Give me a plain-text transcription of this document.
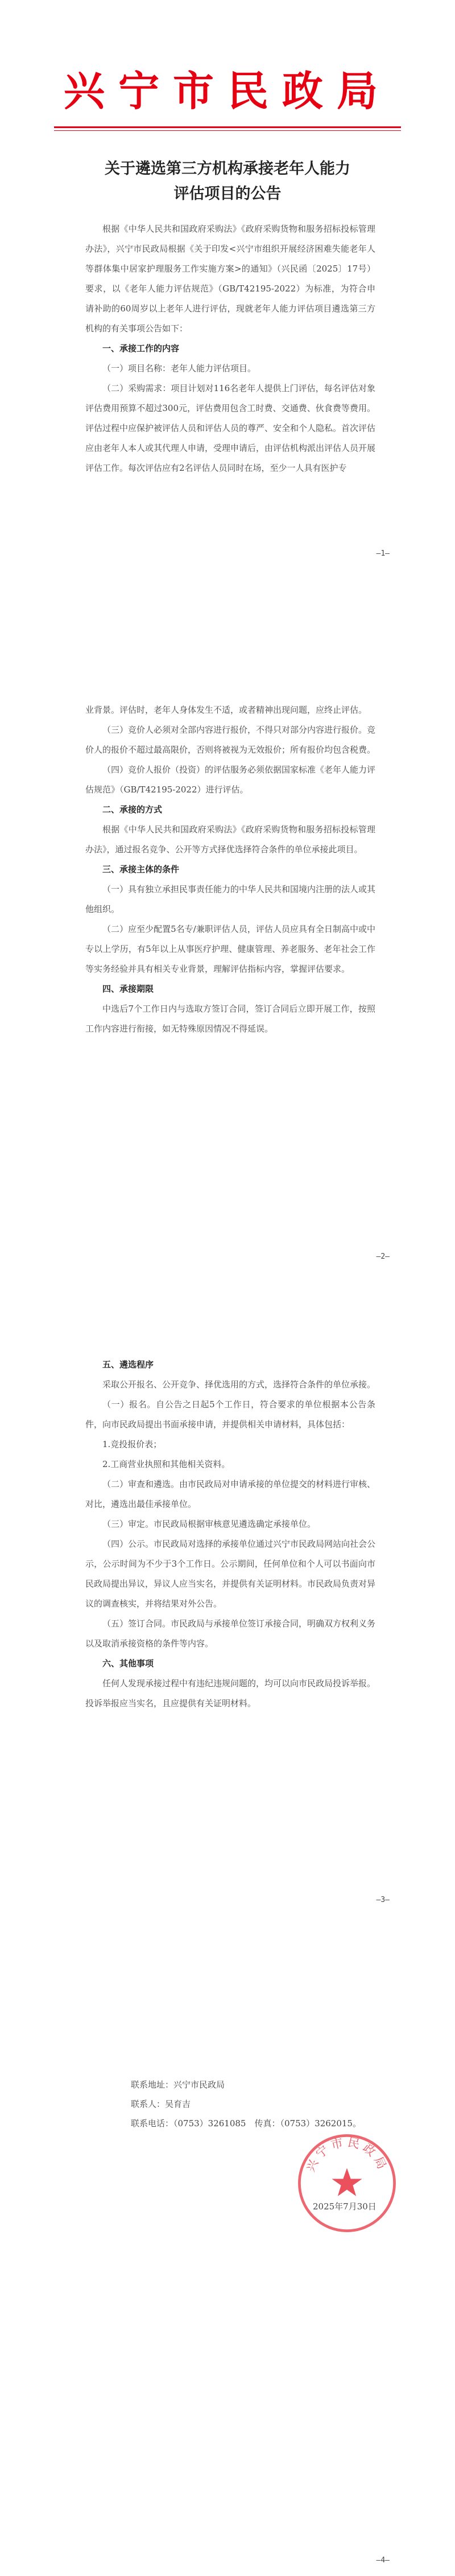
兴宁市民政局
关于遴选第三方机构承接老年人能力
评估项目的公告

根据《中华人民共和国政府采购法》《政府采购货物和服务招标投标管理办法》，兴宁市民政局根据《关于印发<兴宁市组织开展经济困难失能老年人等群体集中居家护理服务工作实施方案>的通知》（兴民函〔2025〕17号）要求，以《老年人能力评估规范》（GB/T42195-2022）为标准，为符合申请补助的60周岁以上老年人进行评估，现就老年人能力评估项目遴选第三方机构的有关事项公告如下：

一、承接工作的内容

（一）项目名称：老年人能力评估项目。

（二）采购需求：项目计划对116名老年人提供上门评估，每名评估对象评估费用预算不超过300元，评估费用包含工时费、交通费、伙食费等费用。评估过程中应保护被评估人员和评估人员的尊严、安全和个人隐私。首次评估应由老年人本人或其代理人申请，受理申请后，由评估机构派出评估人员开展评估工作。每次评估应有2名评估人员同时在场，至少一人具有医护专

—1—

业背景。评估时，老年人身体发生不适，或者精神出现问题，应终止评估。

（三）竞价人必须对全部内容进行报价，不得只对部分内容进行报价。竞价人的报价不超过最高限价，否则将被视为无效报价；所有报价均包含税费。

（四）竞价人报价（投资）的评估服务必须依据国家标准《老年人能力评估规范》（GB/T42195-2022）进行评估。

二、承接的方式

根据《中华人民共和国政府采购法》《政府采购货物和服务招标投标管理办法》，通过报名竞争、公开等方式择优选择符合条件的单位承接此项目。

三、承接主体的条件

（一）具有独立承担民事责任能力的中华人民共和国境内注册的法人或其他组织。

（二）应至少配置5名专/兼职评估人员，评估人员应具有全日制高中或中专以上学历，有5年以上从事医疗护理、健康管理、养老服务、老年社会工作等实务经验并具有相关专业背景，理解评估指标内容，掌握评估要求。

四、承接期限

中选后7个工作日内与选取方签订合同，签订合同后立即开展工作，按照工作内容进行衔接，如无特殊原因情况不得延误。

—2—

五、遴选程序

采取公开报名、公开竞争、择优选用的方式，选择符合条件的单位承接。

（一）报名。自公告之日起5个工作日，符合要求的单位根据本公告条件，向市民政局提出书面承接申请，并提供相关申请材料，具体包括：

1.竞投报价表；

2.工商营业执照和其他相关资料。

（二）审查和遴选。由市民政局对申请承接的单位提交的材料进行审核、对比，遴选出最佳承接单位。

（三）审定。市民政局根据审核意见遴选确定承接单位。

（四）公示。市民政局对选择的承接单位通过兴宁市民政局网站向社会公示，公示时间为不少于3个工作日。公示期间，任何单位和个人可以书面向市民政局提出异议，异议人应当实名，并提供有关证明材料。市民政局负责对异议的调查核实，并将结果对外公告。

（五）签订合同。市民政局与承接单位签订承接合同，明确双方权利义务以及取消承接资格的条件等内容。

六、其他事项

任何人发现承接过程中有违纪违规问题的，均可以向市民政局投诉举报。投诉举报应当实名，且应提供有关证明材料。

—3—
联系地址：兴宁市民政局
联系人：吴育吉
联系电话：（0753）3261085　传真：（0753）3262015。
兴宁市民政局
2025年7月30日
—4—
